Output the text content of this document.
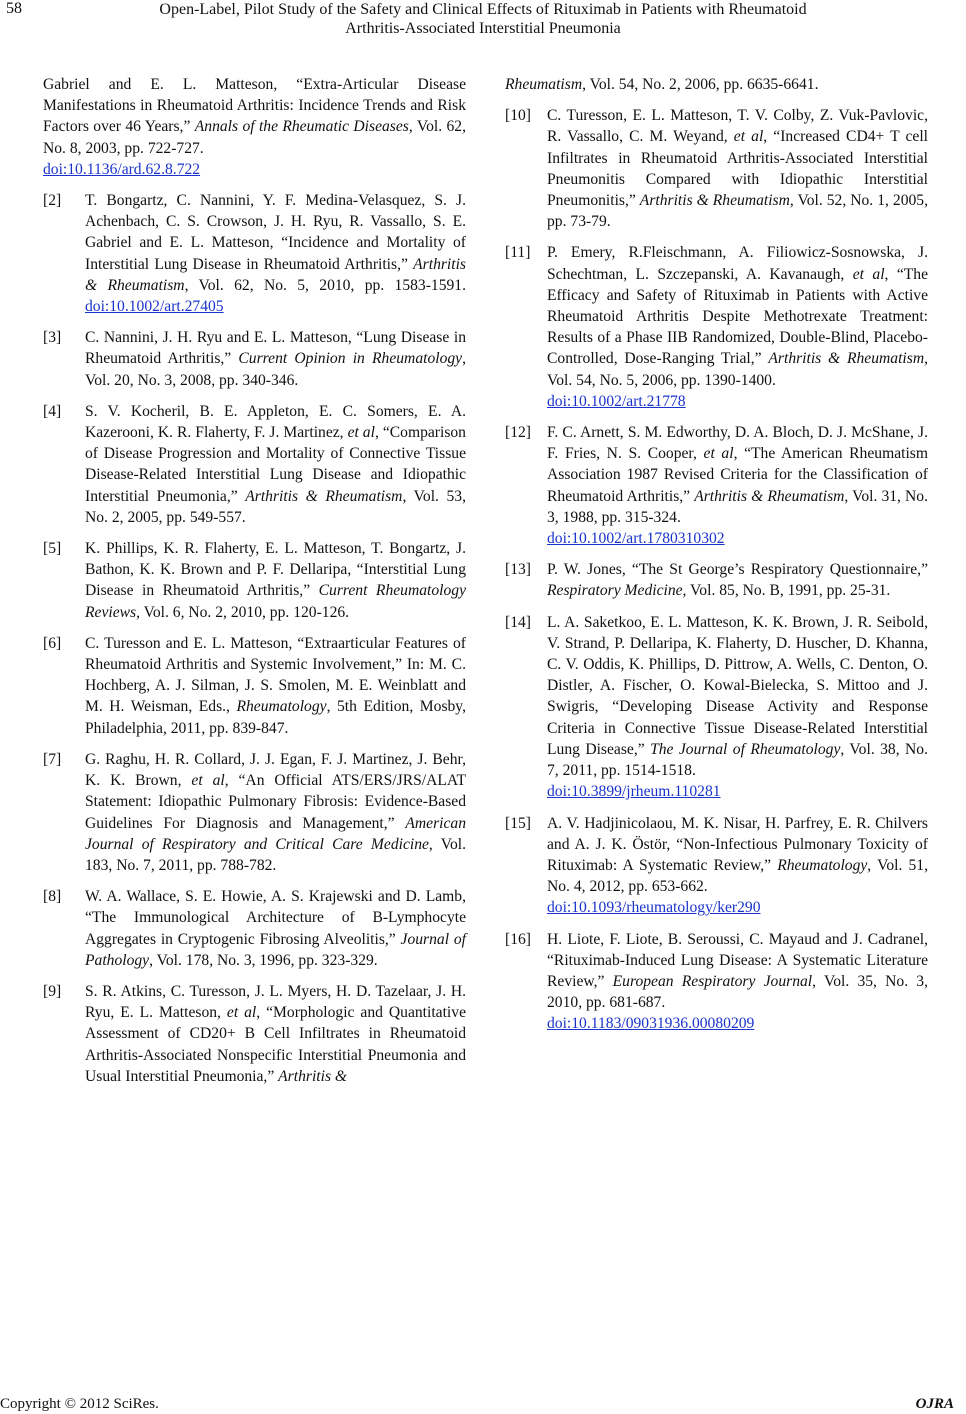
58	Open-Label, Pilot Study of the Safety and Clinical Effects of Rituximab in Patients with Rheumatoid
Arthritis-Associated Interstitial Pneumonia
Gabriel and E. L. Matteson, “Extra-Articular Disease Manifestations in Rheumatoid Arthritis: Incidence Trends and Risk Factors over 46 Years,” Annals of the Rheumatic Diseases, Vol. 62, No. 8, 2003, pp. 722-727.
doi:10.1136/ard.62.8.722
[2] T. Bongartz, C. Nannini, Y. F. Medina-Velasquez, S. J. Achenbach, C. S. Crowson, J. H. Ryu, R. Vassallo, S. E. Gabriel and E. L. Matteson, “Incidence and Mortality of Interstitial Lung Disease in Rheumatoid Arthritis,” Arthritis & Rheumatism, Vol. 62, No. 5, 2010, pp. 1583-1591. doi:10.1002/art.27405
[3] C. Nannini, J. H. Ryu and E. L. Matteson, “Lung Disease in Rheumatoid Arthritis,” Current Opinion in Rheumatology, Vol. 20, No. 3, 2008, pp. 340-346.
[4] S. V. Kocheril, B. E. Appleton, E. C. Somers, E. A. Kazerooni, K. R. Flaherty, F. J. Martinez, et al, “Comparison of Disease Progression and Mortality of Connective Tissue Disease-Related Interstitial Lung Disease and Idiopathic Interstitial Pneumonia,” Arthritis & Rheumatism, Vol. 53, No. 2, 2005, pp. 549-557.
[5] K. Phillips, K. R. Flaherty, E. L. Matteson, T. Bongartz, J. Bathon, K. K. Brown and P. F. Dellaripa, “Interstitial Lung Disease in Rheumatoid Arthritis,” Current Rheumatology Reviews, Vol. 6, No. 2, 2010, pp. 120-126.
[6] C. Turesson and E. L. Matteson, “Extraarticular Features of Rheumatoid Arthritis and Systemic Involvement,” In: M. C. Hochberg, A. J. Silman, J. S. Smolen, M. E. Weinblatt and M. H. Weisman, Eds., Rheumatology, 5th Edition, Mosby, Philadelphia, 2011, pp. 839-847.
[7] G. Raghu, H. R. Collard, J. J. Egan, F. J. Martinez, J. Behr, K. K. Brown, et al, “An Official ATS/ERS/JRS/ALAT Statement: Idiopathic Pulmonary Fibrosis: Evidence-Based Guidelines For Diagnosis and Management,” American Journal of Respiratory and Critical Care Medicine, Vol. 183, No. 7, 2011, pp. 788-782.
[8] W. A. Wallace, S. E. Howie, A. S. Krajewski and D. Lamb, “The Immunological Architecture of B-Lymphocyte Aggregates in Cryptogenic Fibrosing Alveolitis,” Journal of Pathology, Vol. 178, No. 3, 1996, pp. 323-329.
[9] S. R. Atkins, C. Turesson, J. L. Myers, H. D. Tazelaar, J. H. Ryu, E. L. Matteson, et al, “Morphologic and Quantitative Assessment of CD20+ B Cell Infiltrates in Rheumatoid Arthritis-Associated Nonspecific Interstitial Pneumonia and Usual Interstitial Pneumonia,” Arthritis &
Rheumatism, Vol. 54, No. 2, 2006, pp. 6635-6641.
[10] C. Turesson, E. L. Matteson, T. V. Colby, Z. Vuk-Pavlovic, R. Vassallo, C. M. Weyand, et al, “Increased CD4+ T cell Infiltrates in Rheumatoid Arthritis-Associated Interstitial Pneumonitis Compared with Idiopathic Interstitial Pneumonitis,” Arthritis & Rheumatism, Vol. 52, No. 1, 2005, pp. 73-79.
[11] P. Emery, R.Fleischmann, A. Filiowicz-Sosnowska, J. Schechtman, L. Szczepanski, A. Kavanaugh, et al, “The Efficacy and Safety of Rituximab in Patients with Active Rheumatoid Arthritis Despite Methotrexate Treatment: Results of a Phase IIB Randomized, Double-Blind, Placebo-Controlled, Dose-Ranging Trial,” Arthritis & Rheumatism, Vol. 54, No. 5, 2006, pp. 1390-1400.
doi:10.1002/art.21778
[12] F. C. Arnett, S. M. Edworthy, D. A. Bloch, D. J. McShane, J. F. Fries, N. S. Cooper, et al, “The American Rheumatism Association 1987 Revised Criteria for the Classification of Rheumatoid Arthritis,” Arthritis & Rheumatism, Vol. 31, No. 3, 1988, pp. 315-324.
doi:10.1002/art.1780310302
[13] P. W. Jones, “The St George’s Respiratory Questionnaire,” Respiratory Medicine, Vol. 85, No. B, 1991, pp. 25-31.
[14] L. A. Saketkoo, E. L. Matteson, K. K. Brown, J. R. Seibold, V. Strand, P. Dellaripa, K. Flaherty, D. Huscher, D. Khanna, C. V. Oddis, K. Phillips, D. Pittrow, A. Wells, C. Denton, O. Distler, A. Fischer, O. Kowal-Bielecka, S. Mittoo and J. Swigris, “Developing Disease Activity and Response Criteria in Connective Tissue Disease-Related Interstitial Lung Disease,” The Journal of Rheumatology, Vol. 38, No. 7, 2011, pp. 1514-1518.
doi:10.3899/jrheum.110281
[15] A. V. Hadjinicolaou, M. K. Nisar, H. Parfrey, E. R. Chilvers and A. J. K. Östör, “Non-Infectious Pulmonary Toxicity of Rituximab: A Systematic Review,” Rheumatology, Vol. 51, No. 4, 2012, pp. 653-662.
doi:10.1093/rheumatology/ker290
[16] H. Liote, F. Liote, B. Seroussi, C. Mayaud and J. Cadranel, “Rituximab-Induced Lung Disease: A Systematic Literature Review,” European Respiratory Journal, Vol. 35, No. 3, 2010, pp. 681-687.
doi:10.1183/09031936.00080209
Copyright © 2012 SciRes.	OJRA
